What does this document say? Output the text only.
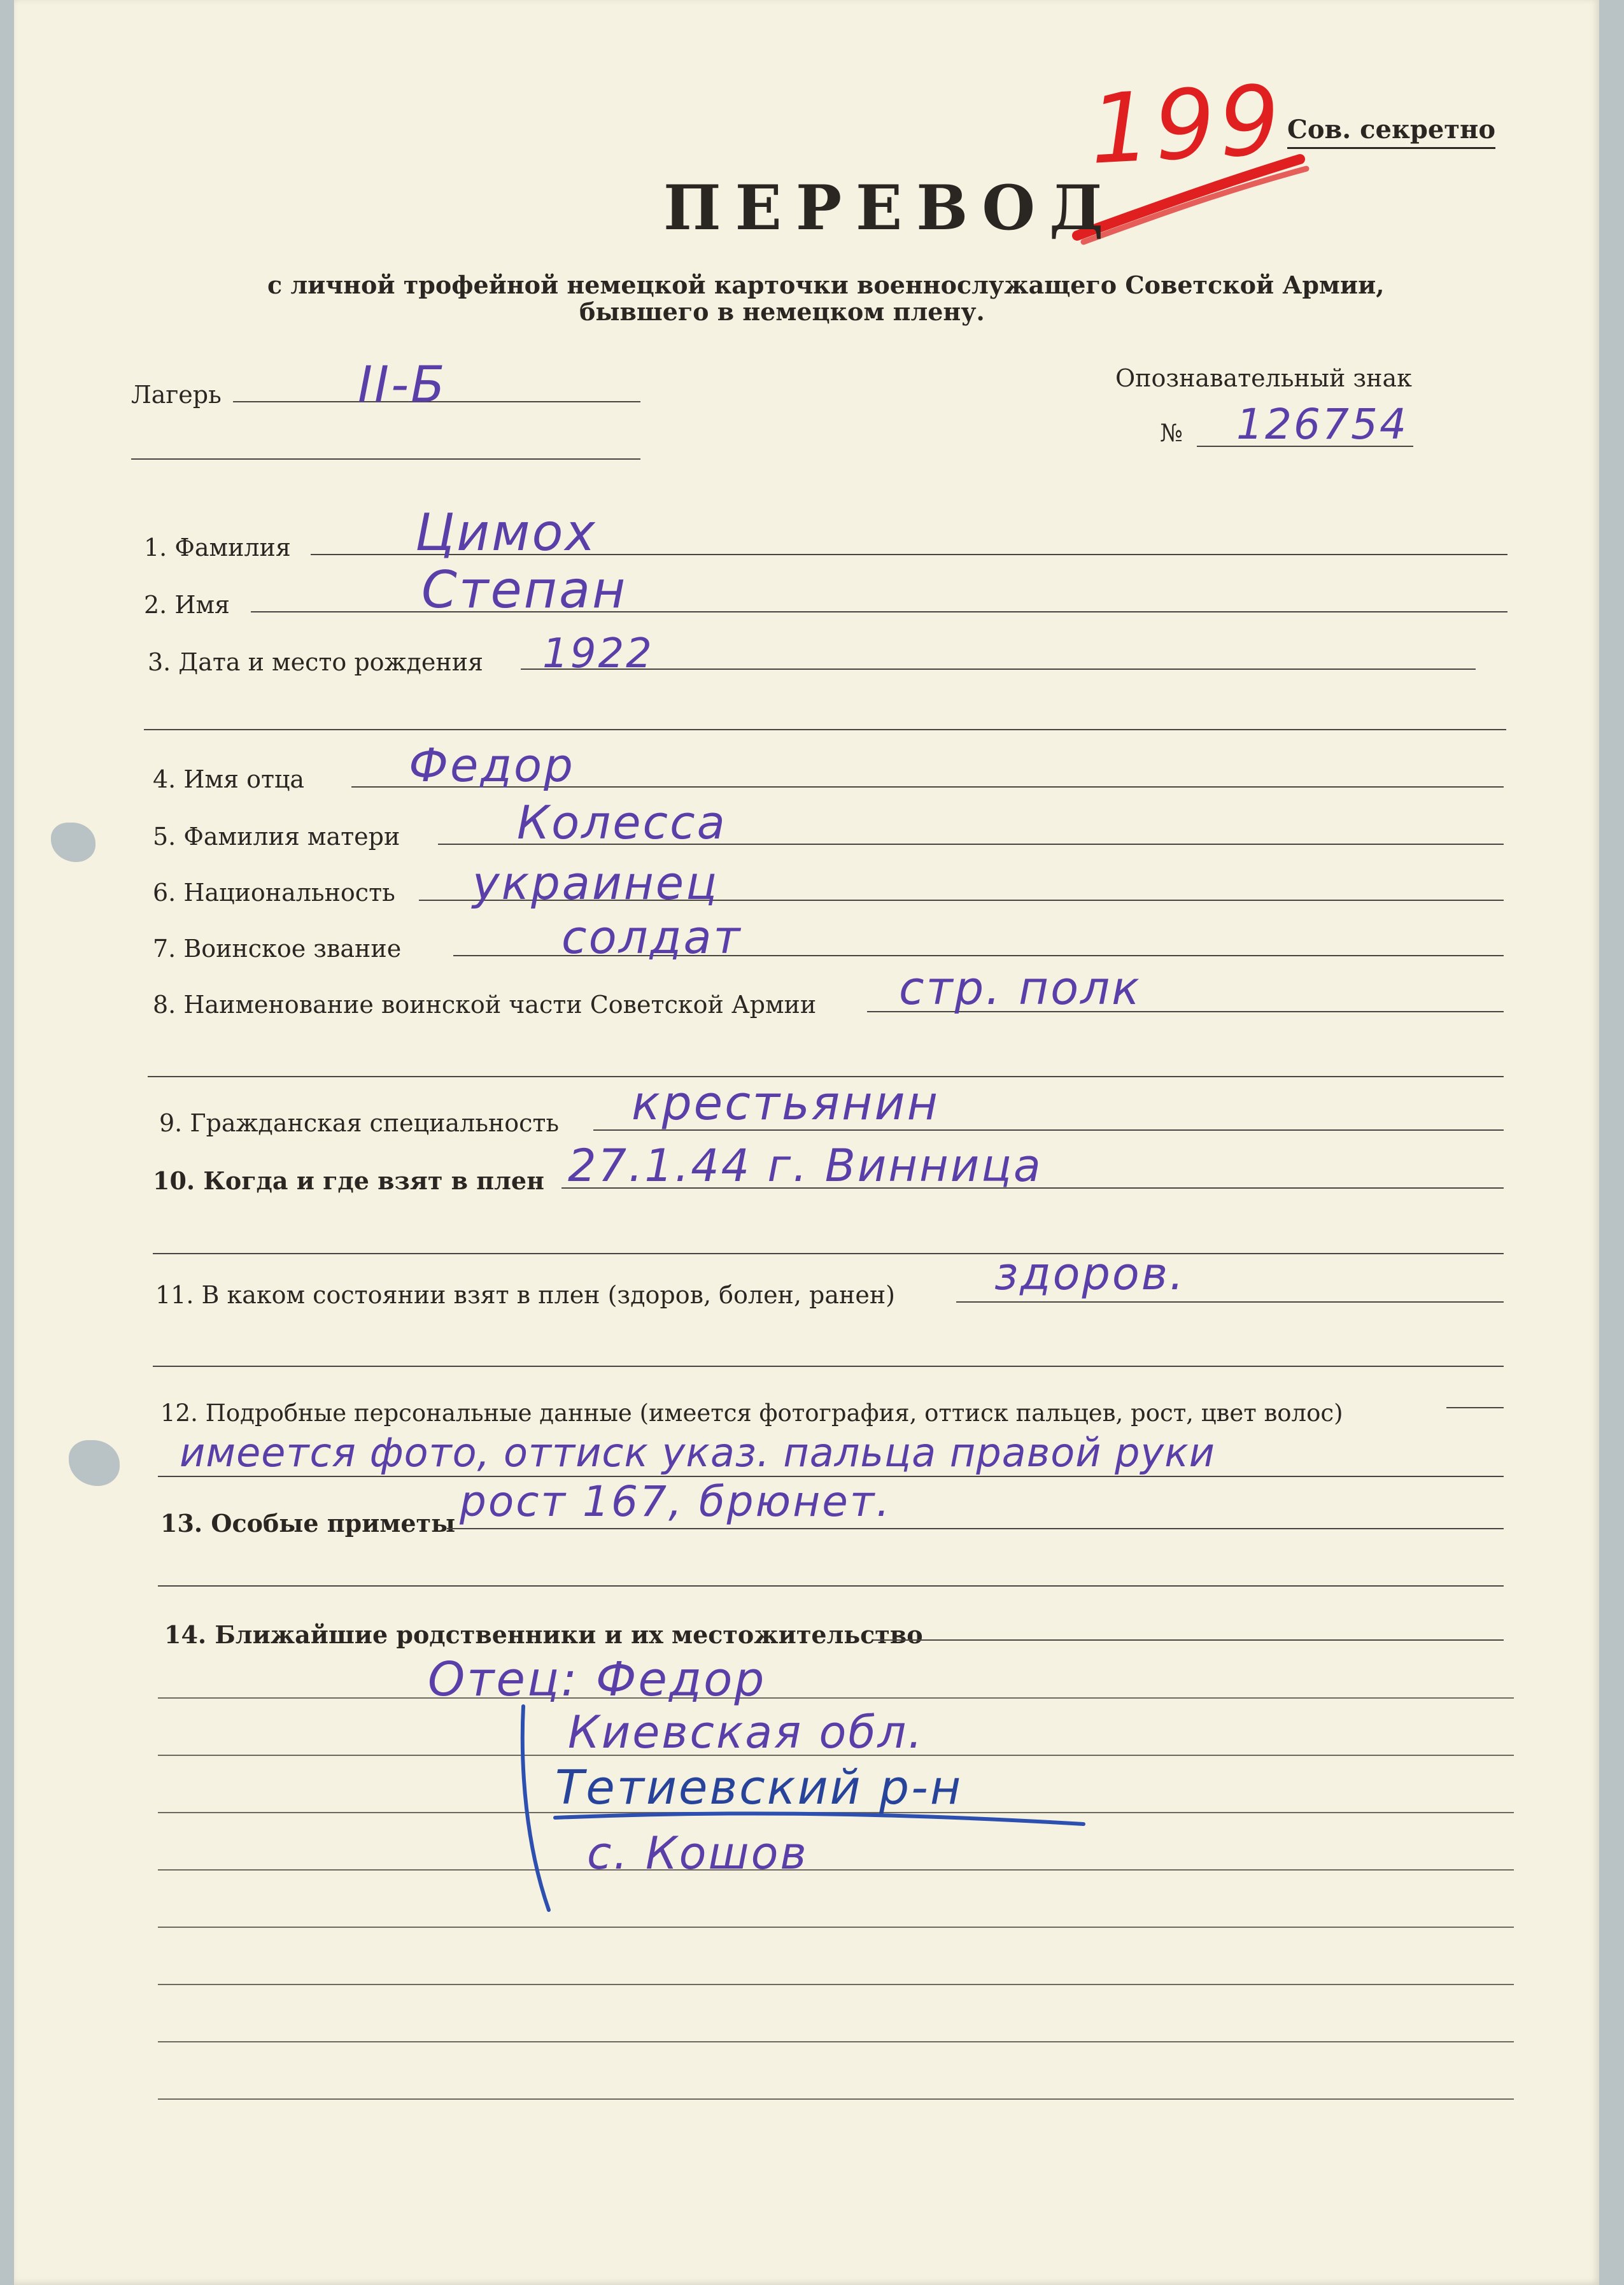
199 Сов. секретно
ПЕРЕВОД
с личной трофейной немецкой карточки военнослужащего Советской Армии,
бывшего в немецком плену.
Лагерь	II-Б	Опознавательный знак
№ 126754
1. Фамилия Цимох
2. Имя	Степан
3. Дата и место рождения 1922
4. Имя отца Федор
5. Фамилия матери	Колесса
6. Национальность украинец
7. Воинское звание	солдат
8. Наименование воинской части Советской Армии стр. полк
9. Гражданская специальность крестьянин
10. Когда и где взят в плен 27.1.44 г. Винница
11. В каком состоянии взят в плен (здоров, болен, ранен) здоров.
12. Подробные персональные данные (имеется фотография, оттиск пальцев, рост, цвет волос)
имеется фото, оттиск указ. пальца правой руки
13. Особые приметы рост 167, брюнет.
14. Ближайшие родственники и их местожительство
Отец: Федор
Киевская обл.
Тетиевский р-н
с. Кошов
